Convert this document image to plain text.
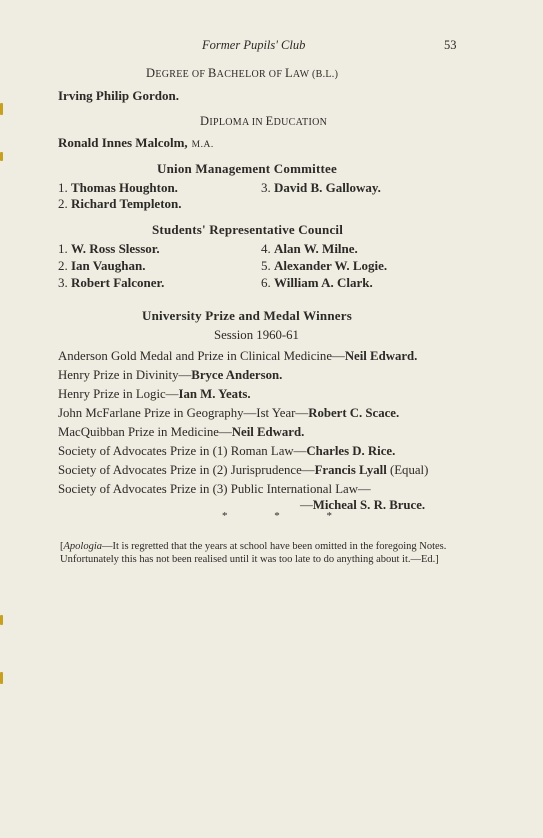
Former Pupils' Club	53
DEGREE OF BACHELOR OF LAW (B.L.)
Irving Philip Gordon.
DIPLOMA IN EDUCATION
Ronald Innes Malcolm, M.A.
Union Management Committee
1. Thomas Houghton.
2. Richard Templeton.
3. David B. Galloway.
Students' Representative Council
1. W. Ross Slessor.
2. Ian Vaughan.
3. Robert Falconer.
4. Alan W. Milne.
5. Alexander W. Logie.
6. William A. Clark.
University Prize and Medal Winners
Session 1960-61
Anderson Gold Medal and Prize in Clinical Medicine—Neil Edward.
Henry Prize in Divinity—Bryce Anderson.
Henry Prize in Logic—Ian M. Yeats.
John McFarlane Prize in Geography—Ist Year—Robert C. Scace.
MacQuibban Prize in Medicine—Neil Edward.
Society of Advocates Prize in (1) Roman Law—Charles D. Rice.
Society of Advocates Prize in (2) Jurisprudence—Francis Lyall (Equal)
Society of Advocates Prize in (3) Public International Law—
—Micheal S. R. Bruce.
* * *
[Apologia—It is regretted that the years at school have been omitted in the foregoing Notes. Unfortunately this has not been realised until it was too late to do anything about it.—Ed.]
